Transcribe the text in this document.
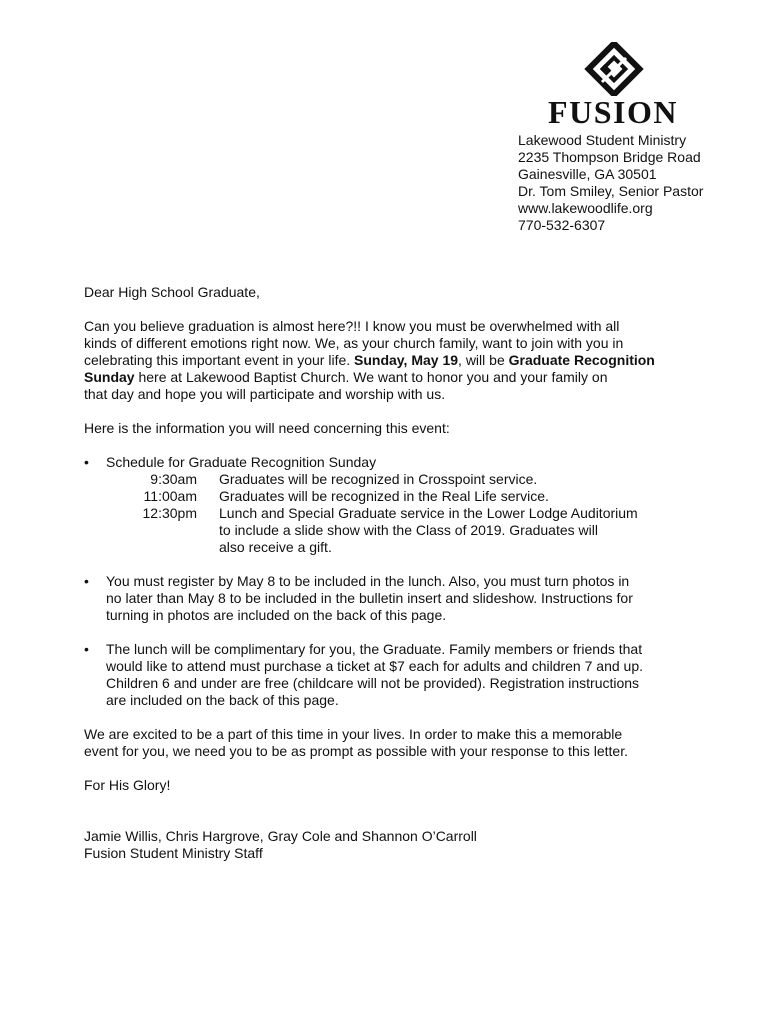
FUSION
Lakewood Student Ministry
2235 Thompson Bridge Road
Gainesville, GA 30501
Dr. Tom Smiley, Senior Pastor
www.lakewoodlife.org
770-532-6307

Dear High School Graduate,

Can you believe graduation is almost here?!! I know you must be overwhelmed with all
kinds of different emotions right now. We, as your church family, want to join with you in
celebrating this important event in your life. Sunday, May 19, will be Graduate Recognition
Sunday here at Lakewood Baptist Church. We want to honor you and your family on
that day and hope you will participate and worship with us.

Here is the information you will need concerning this event:

•	Schedule for Graduate Recognition Sunday
9:30am	Graduates will be recognized in Crosspoint service.
11:00am	Graduates will be recognized in the Real Life service.
12:30pm	Lunch and Special Graduate service in the Lower Lodge Auditorium
to include a slide show with the Class of 2019. Graduates will
also receive a gift.
•	You must register by May 8 to be included in the lunch. Also, you must turn photos in
no later than May 8 to be included in the bulletin insert and slideshow. Instructions for
turning in photos are included on the back of this page.
•	The lunch will be complimentary for you, the Graduate. Family members or friends that
would like to attend must purchase a ticket at $7 each for adults and children 7 and up.
Children 6 and under are free (childcare will not be provided). Registration instructions
are included on the back of this page.
We are excited to be a part of this time in your lives. In order to make this a memorable
event for you, we need you to be as prompt as possible with your response to this letter.

For His Glory!

Jamie Willis, Chris Hargrove, Gray Cole and Shannon O’Carroll
Fusion Student Ministry Staff
